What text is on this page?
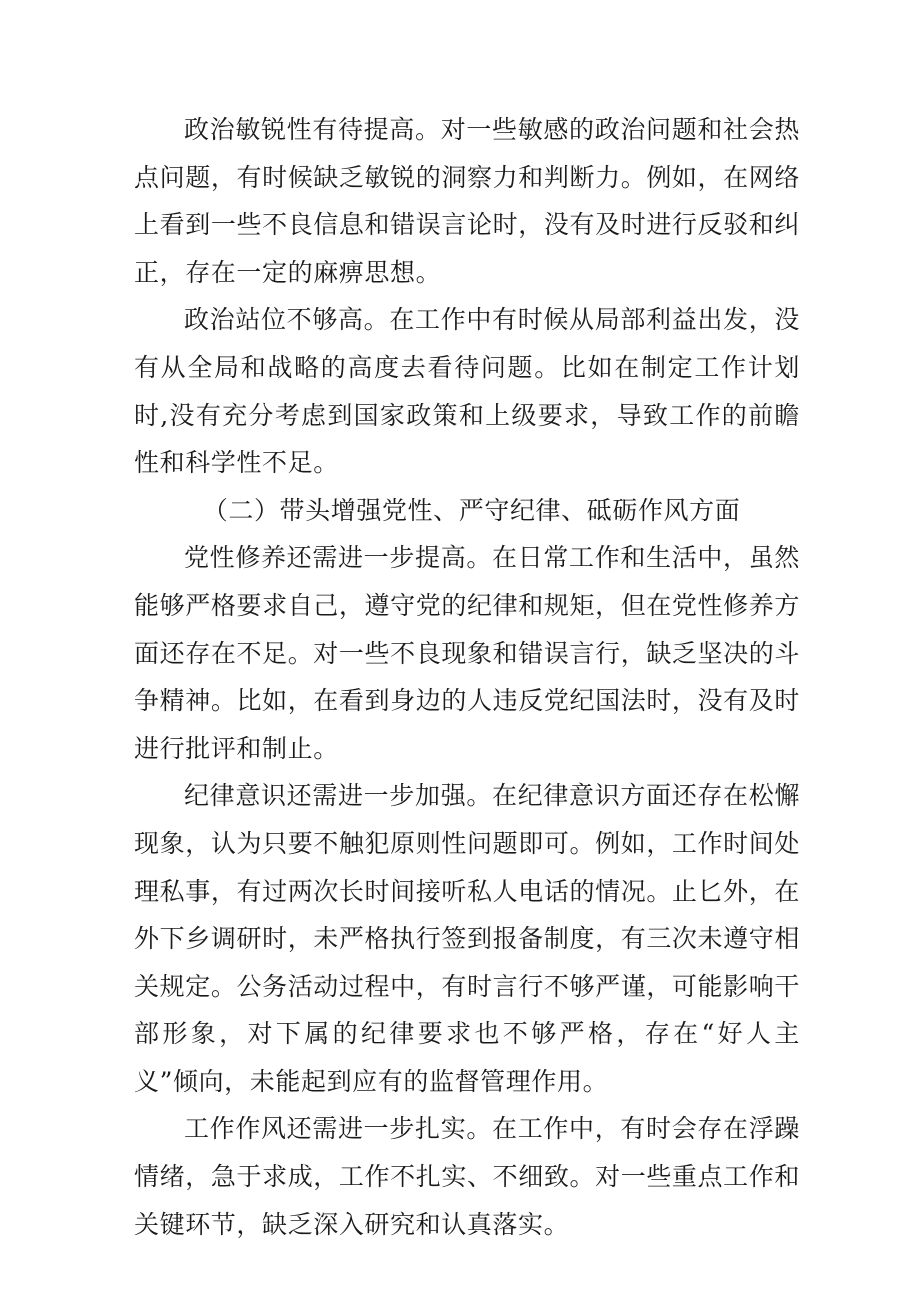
政治敏锐性有待提高。对一些敏感的政治问题和社会热点问题，有时候缺乏敏锐的洞察力和判断力。例如，在网络上看到一些不良信息和错误言论时，没有及时进行反驳和纠正，存在一定的麻痹思想。

政治站位不够高。在工作中有时候从局部利益出发，没有从全局和战略的高度去看待问题。比如在制定工作计划时,没有充分考虑到国家政策和上级要求，导致工作的前瞻性和科学性不足。

（二）带头增强党性、严守纪律、砥砺作风方面

党性修养还需进一步提高。在日常工作和生活中，虽然能够严格要求自己，遵守党的纪律和规矩，但在党性修养方面还存在不足。对一些不良现象和错误言行，缺乏坚决的斗争精神。比如，在看到身边的人违反党纪国法时，没有及时进行批评和制止。

纪律意识还需进一步加强。在纪律意识方面还存在松懈现象，认为只要不触犯原则性问题即可。例如，工作时间处理私事，有过两次长时间接听私人电话的情况。止匕外，在外下乡调研时，未严格执行签到报备制度，有三次未遵守相关规定。公务活动过程中，有时言行不够严谨，可能影响干部形象，对下属的纪律要求也不够严格，存在“好人主义”倾向，未能起到应有的监督管理作用。

工作作风还需进一步扎实。在工作中，有时会存在浮躁情绪，急于求成，工作不扎实、不细致。对一些重点工作和关键环节，缺乏深入研究和认真落实。
